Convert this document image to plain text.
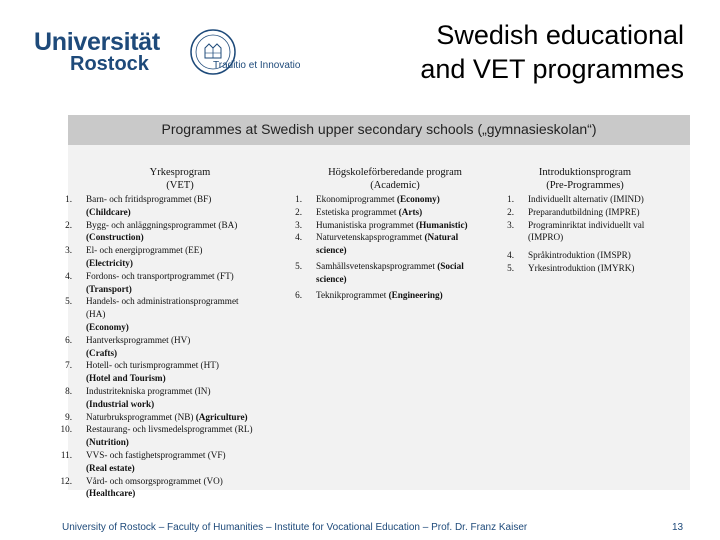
Universität
Rostock	Traditio et Innovatio
Swedish educational
and VET programmes
Programmes at Swedish upper secondary schools („gymnasieskolan“)
Yrkesprogram
(VET)
Högskoleförberedande program
(Academic)
Introduktionsprogram
(Pre-Programmes)
1. Barn- och fritidsprogrammet (BF)
(Childcare)
2. Bygg- och anläggningsprogrammet (BA)
(Construction)
3. El- och energiprogrammet (EE)
(Electricity)
4. Fordons- och transportprogrammet (FT)
(Transport)
5. Handels- och administrationsprogrammet
(HA)
(Economy)
6. Hantverksprogrammet (HV)
(Crafts)
7. Hotell- och turismprogrammet (HT)
(Hotel and Tourism)
8. Industritekniska programmet (IN)
(Industrial work)
9. Naturbruksprogrammet (NB) (Agriculture)
10. Restaurang- och livsmedelsprogrammet (RL)
(Nutrition)
11. VVS- och fastighetsprogrammet (VF)
(Real estate)
12. Vård- och omsorgsprogrammet (VO)
(Healthcare)
1. Ekonomiprogrammet (Economy)
2. Estetiska programmet (Arts)
3. Humanistiska programmet (Humanistic)
4. Naturvetenskapsprogrammet (Natural
science)
5. Samhällsvetenskapsprogrammet (Social
science)
6. Teknikprogrammet (Engineering)
1. Individuellt alternativ (IMIND)
2. Preparandutbildning (IMPRE)
3. Programinriktat individuellt val
(IMPRO)
4. Språkintroduktion (IMSPR)
5. Yrkesintroduktion (IMYRK)
University of Rostock – Faculty of Humanities – Institute for Vocational Education – Prof. Dr. Franz Kaiser	13
